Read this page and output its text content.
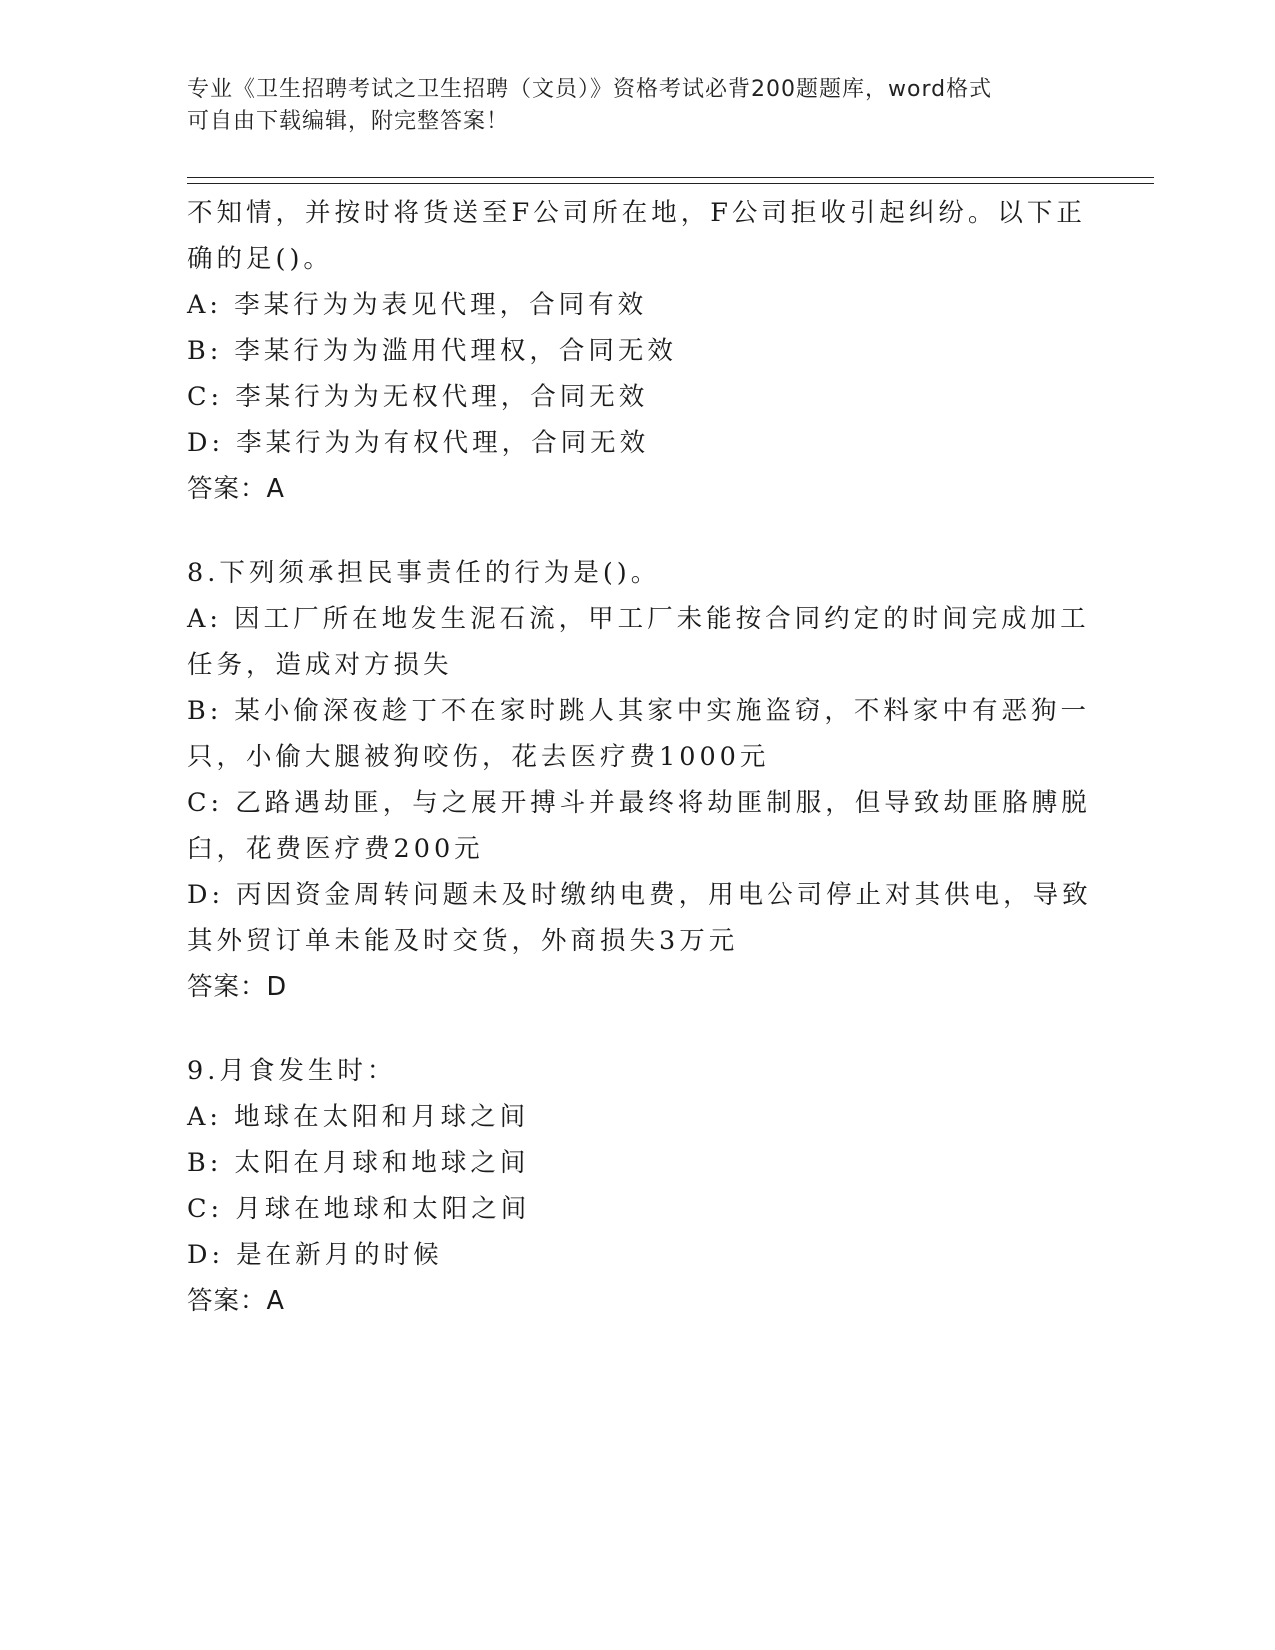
专业《卫生招聘考试之卫生招聘（文员）》资格考试必背200题题库，word格式
可自由下载编辑，附完整答案！
不知情，并按时将货送至F公司所在地，F公司拒收引起纠纷。以下正
确的足()。
A: 李某行为为表见代理，合同有效
B: 李某行为为滥用代理权，合同无效
C: 李某行为为无权代理，合同无效
D: 李某行为为有权代理，合同无效
答案：A
8.下列须承担民事责任的行为是()。
A: 因工厂所在地发生泥石流，甲工厂未能按合同约定的时间完成加工
任务，造成对方损失
B: 某小偷深夜趁丁不在家时跳人其家中实施盗窃，不料家中有恶狗一
只，小偷大腿被狗咬伤，花去医疗费1000元
C: 乙路遇劫匪，与之展开搏斗并最终将劫匪制服，但导致劫匪胳膊脱
臼，花费医疗费200元
D: 丙因资金周转问题未及时缴纳电费，用电公司停止对其供电，导致
其外贸订单未能及时交货，外商损失3万元
答案：D
9.月食发生时：
A: 地球在太阳和月球之间
B: 太阳在月球和地球之间
C: 月球在地球和太阳之间
D: 是在新月的时候
答案：A
